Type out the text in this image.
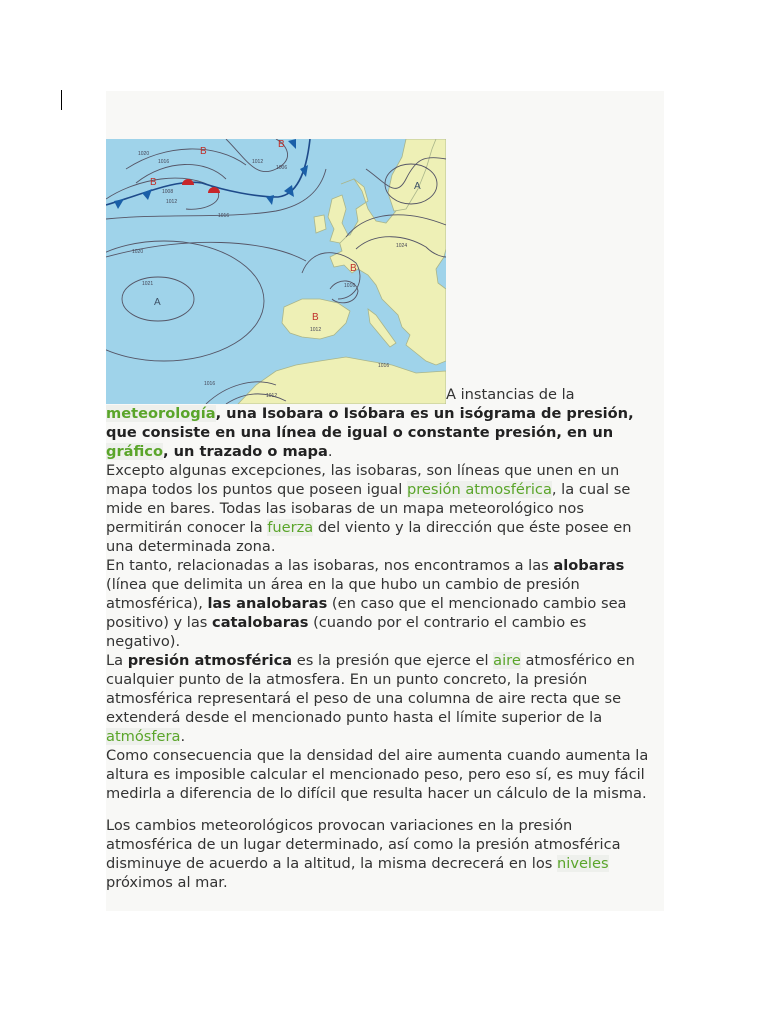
B
B
B
B
B
A
A
1020
1016
1008
1012
1016
1020
1021
1024
1016
1012
1016
1016
1012
1012
1006
A instancias de la meteorología, una Isobara o Isóbara es un isógrama de presión, que consiste en una línea de igual o constante presión, en un gráfico, un trazado o mapa.

Excepto algunas excepciones, las isobaras, son líneas que unen en un mapa todos los puntos que poseen igual presión atmosférica, la cual se mide en bares. Todas las isobaras de un mapa meteorológico nos permitirán conocer la fuerza del viento y la dirección que éste posee en una determinada zona.

En tanto, relacionadas a las isobaras, nos encontramos a las alobaras (línea que delimita un área en la que hubo un cambio de presión atmosférica), las analobaras (en caso que el mencionado cambio sea positivo) y las catalobaras (cuando por el contrario el cambio es negativo).

La presión atmosférica es la presión que ejerce el aire atmosférico en cualquier punto de la atmosfera. En un punto concreto, la presión atmosférica representará el peso de una columna de aire recta que se extenderá desde el mencionado punto hasta el límite superior de la atmósfera.

Como consecuencia que la densidad del aire aumenta cuando aumenta la altura es imposible calcular el mencionado peso, pero eso sí, es muy fácil medirla a diferencia de lo difícil que resulta hacer un cálculo de la misma.

Los cambios meteorológicos provocan variaciones en la presión atmosférica de un lugar determinado, así como la presión atmosférica disminuye de acuerdo a la altitud, la misma decrecerá en los niveles próximos al mar.
